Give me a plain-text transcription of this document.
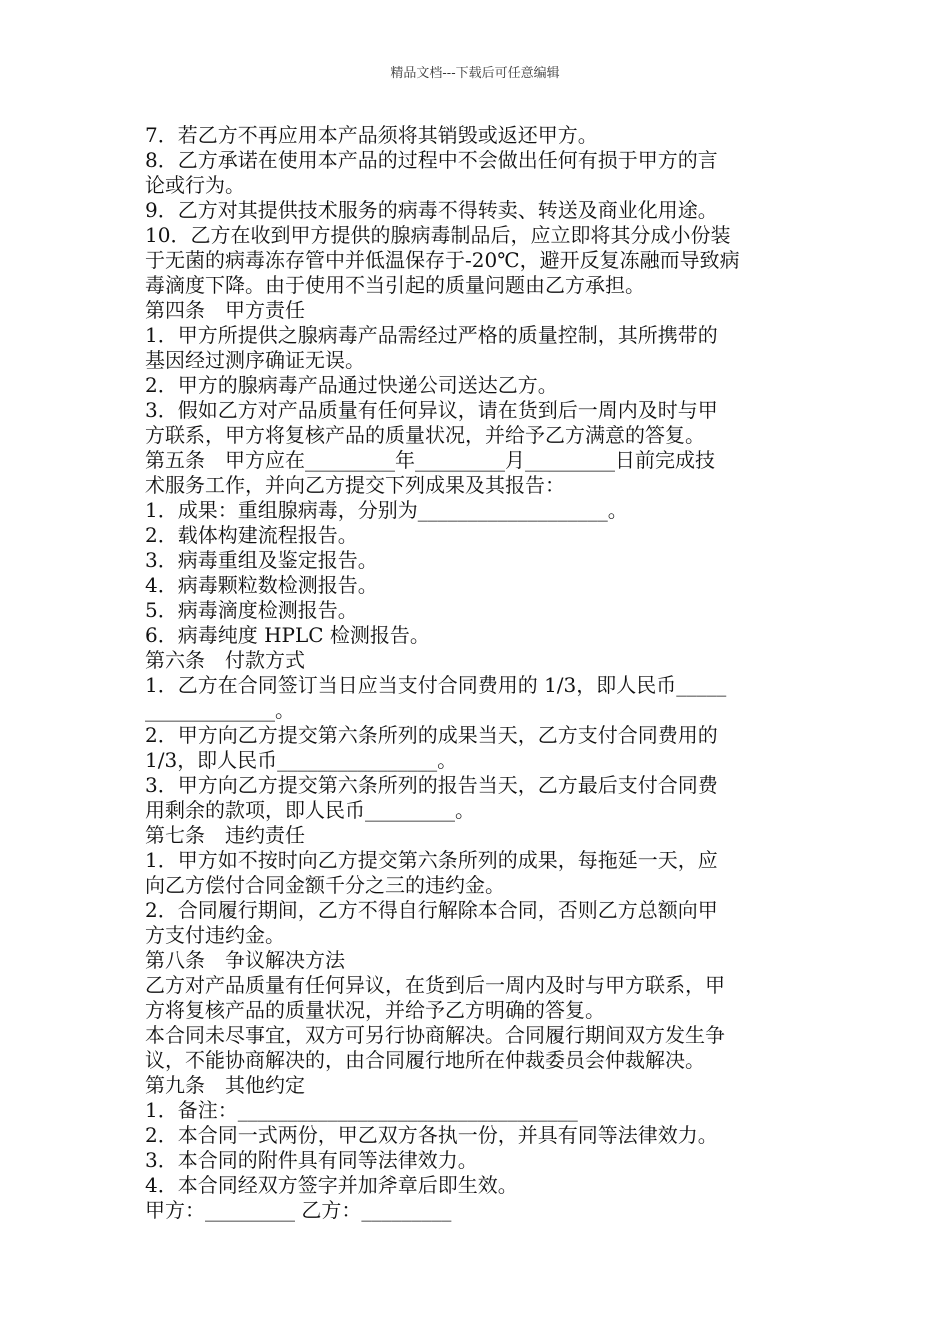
精品文档---下载后可任意编辑
7．若乙方不再应用本产品须将其销毁或返还甲方。
8．乙方承诺在使用本产品的过程中不会做出任何有损于甲方的言
论或行为。
9．乙方对其提供技术服务的病毒不得转卖、转送及商业化用途。
10．乙方在收到甲方提供的腺病毒制品后，应立即将其分成小份装
于无菌的病毒冻存管中并低温保存于-20℃，避开反复冻融而导致病
毒滴度下降。由于使用不当引起的质量问题由乙方承担。
第四条　甲方责任
1．甲方所提供之腺病毒产品需经过严格的质量控制，其所携带的
基因经过测序确证无误。
2．甲方的腺病毒产品通过快递公司送达乙方。
3．假如乙方对产品质量有任何异议，请在货到后一周内及时与甲
方联系，甲方将复核产品的质量状况，并给予乙方满意的答复。
第五条　甲方应在_________年_________月_________日前完成技
术服务工作，并向乙方提交下列成果及其报告：
1．成果：重组腺病毒，分别为___________________。
2．载体构建流程报告。
3．病毒重组及鉴定报告。
4．病毒颗粒数检测报告。
5．病毒滴度检测报告。
6．病毒纯度 HPLC 检测报告。
第六条　付款方式
1．乙方在合同签订当日应当支付合同费用的 1/3，即人民币_____
_____________。
2．甲方向乙方提交第六条所列的成果当天，乙方支付合同费用的
1/3，即人民币________________。
3．甲方向乙方提交第六条所列的报告当天，乙方最后支付合同费
用剩余的款项，即人民币_________。
第七条　违约责任
1．甲方如不按时向乙方提交第六条所列的成果，每拖延一天，应
向乙方偿付合同金额千分之三的违约金。
2．合同履行期间，乙方不得自行解除本合同，否则乙方总额向甲
方支付违约金。
第八条　争议解决方法
乙方对产品质量有任何异议，在货到后一周内及时与甲方联系，甲
方将复核产品的质量状况，并给予乙方明确的答复。
本合同未尽事宜，双方可另行协商解决。合同履行期间双方发生争
议，不能协商解决的，由合同履行地所在仲裁委员会仲裁解决。
第九条　其他约定
1．备注：__________________________________
2．本合同一式两份，甲乙双方各执一份，并具有同等法律效力。
3．本合同的附件具有同等法律效力。
4．本合同经双方签字并加斧章后即生效。
甲方：_________ 乙方：_________
